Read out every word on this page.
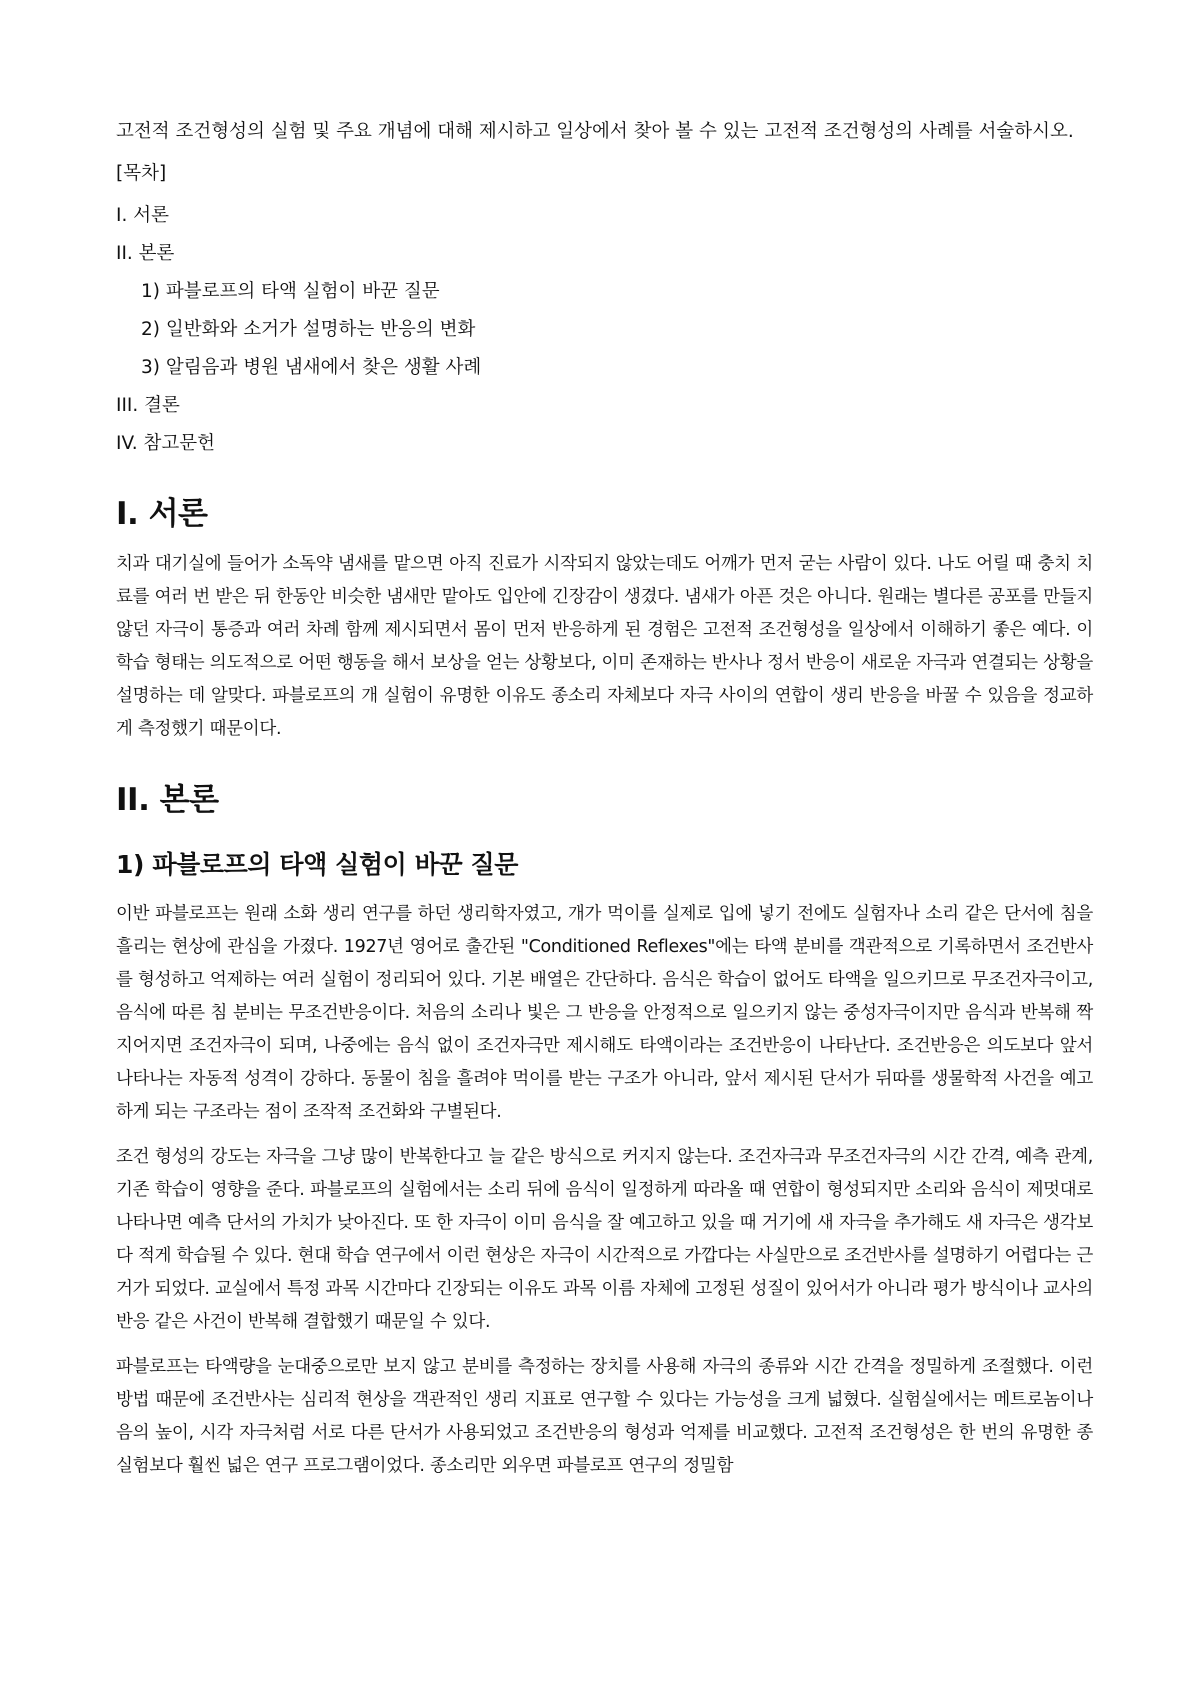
고전적 조건형성의 실험 및 주요 개념에 대해 제시하고 일상에서 찾아 볼 수 있는 고전적 조건형성의 사례를 서술하시오.

[목차]

I. 서론

II. 본론

1) 파블로프의 타액 실험이 바꾼 질문

2) 일반화와 소거가 설명하는 반응의 변화

3) 알림음과 병원 냄새에서 찾은 생활 사례

III. 결론

IV. 참고문헌

I. 서론

치과 대기실에 들어가 소독약 냄새를 맡으면 아직 진료가 시작되지 않았는데도 어깨가 먼저 굳는 사람이 있다. 나도 어릴 때 충치 치료를 여러 번 받은 뒤 한동안 비슷한 냄새만 맡아도 입안에 긴장감이 생겼다. 냄새가 아픈 것은 아니다. 원래는 별다른 공포를 만들지 않던 자극이 통증과 여러 차례 함께 제시되면서 몸이 먼저 반응하게 된 경험은 고전적 조건형성을 일상에서 이해하기 좋은 예다. 이 학습 형태는 의도적으로 어떤 행동을 해서 보상을 얻는 상황보다, 이미 존재하는 반사나 정서 반응이 새로운 자극과 연결되는 상황을 설명하는 데 알맞다. 파블로프의 개 실험이 유명한 이유도 종소리 자체보다 자극 사이의 연합이 생리 반응을 바꿀 수 있음을 정교하게 측정했기 때문이다.

II. 본론
1) 파블로프의 타액 실험이 바꾼 질문

이반 파블로프는 원래 소화 생리 연구를 하던 생리학자였고, 개가 먹이를 실제로 입에 넣기 전에도 실험자나 소리 같은 단서에 침을 흘리는 현상에 관심을 가졌다. 1927년 영어로 출간된 "Conditioned Reflexes"에는 타액 분비를 객관적으로 기록하면서 조건반사를 형성하고 억제하는 여러 실험이 정리되어 있다. 기본 배열은 간단하다. 음식은 학습이 없어도 타액을 일으키므로 무조건자극이고, 음식에 따른 침 분비는 무조건반응이다. 처음의 소리나 빛은 그 반응을 안정적으로 일으키지 않는 중성자극이지만 음식과 반복해 짝지어지면 조건자극이 되며, 나중에는 음식 없이 조건자극만 제시해도 타액이라는 조건반응이 나타난다. 조건반응은 의도보다 앞서 나타나는 자동적 성격이 강하다. 동물이 침을 흘려야 먹이를 받는 구조가 아니라, 앞서 제시된 단서가 뒤따를 생물학적 사건을 예고하게 되는 구조라는 점이 조작적 조건화와 구별된다.

조건 형성의 강도는 자극을 그냥 많이 반복한다고 늘 같은 방식으로 커지지 않는다. 조건자극과 무조건자극의 시간 간격, 예측 관계, 기존 학습이 영향을 준다. 파블로프의 실험에서는 소리 뒤에 음식이 일정하게 따라올 때 연합이 형성되지만 소리와 음식이 제멋대로 나타나면 예측 단서의 가치가 낮아진다. 또 한 자극이 이미 음식을 잘 예고하고 있을 때 거기에 새 자극을 추가해도 새 자극은 생각보다 적게 학습될 수 있다. 현대 학습 연구에서 이런 현상은 자극이 시간적으로 가깝다는 사실만으로 조건반사를 설명하기 어렵다는 근거가 되었다. 교실에서 특정 과목 시간마다 긴장되는 이유도 과목 이름 자체에 고정된 성질이 있어서가 아니라 평가 방식이나 교사의 반응 같은 사건이 반복해 결합했기 때문일 수 있다.

파블로프는 타액량을 눈대중으로만 보지 않고 분비를 측정하는 장치를 사용해 자극의 종류와 시간 간격을 정밀하게 조절했다. 이런 방법 때문에 조건반사는 심리적 현상을 객관적인 생리 지표로 연구할 수 있다는 가능성을 크게 넓혔다. 실험실에서는 메트로놈이나 음의 높이, 시각 자극처럼 서로 다른 단서가 사용되었고 조건반응의 형성과 억제를 비교했다. 고전적 조건형성은 한 번의 유명한 종 실험보다 훨씬 넓은 연구 프로그램이었다. 종소리만 외우면 파블로프 연구의 정밀함
